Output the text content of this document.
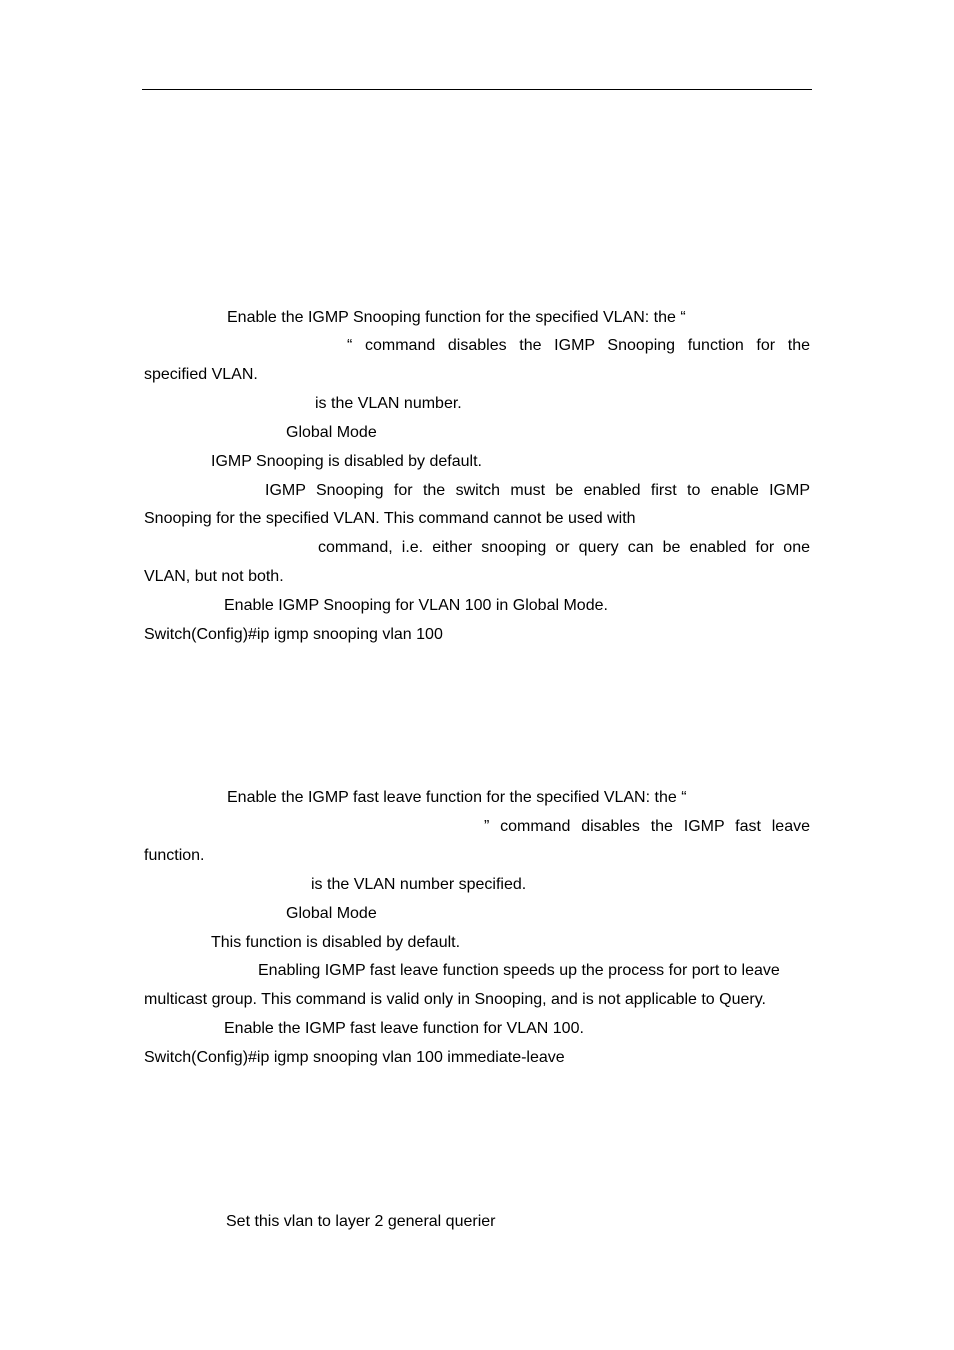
Enable the IGMP Snooping function for the specified VLAN: the “
“ command disables the IGMP Snooping function for the
specified VLAN.
is the VLAN number.
Global Mode
IGMP Snooping is disabled by default.
IGMP Snooping for the switch must be enabled first to enable IGMP
Snooping for the specified VLAN. This command cannot be used with
command, i.e. either snooping or query can be enabled for one
VLAN, but not both.
Enable IGMP Snooping for VLAN 100 in Global Mode.
Switch(Config)#ip igmp snooping vlan 100
Enable the IGMP fast leave function for the specified VLAN: the “
” command disables the IGMP fast leave
function.
is the VLAN number specified.
Global Mode
This function is disabled by default.
Enabling IGMP fast leave function speeds up the process for port to leave
multicast group. This command is valid only in Snooping, and is not applicable to Query.
Enable the IGMP fast leave function for VLAN 100.
Switch(Config)#ip igmp snooping vlan 100 immediate-leave
Set this vlan to layer 2 general querier
